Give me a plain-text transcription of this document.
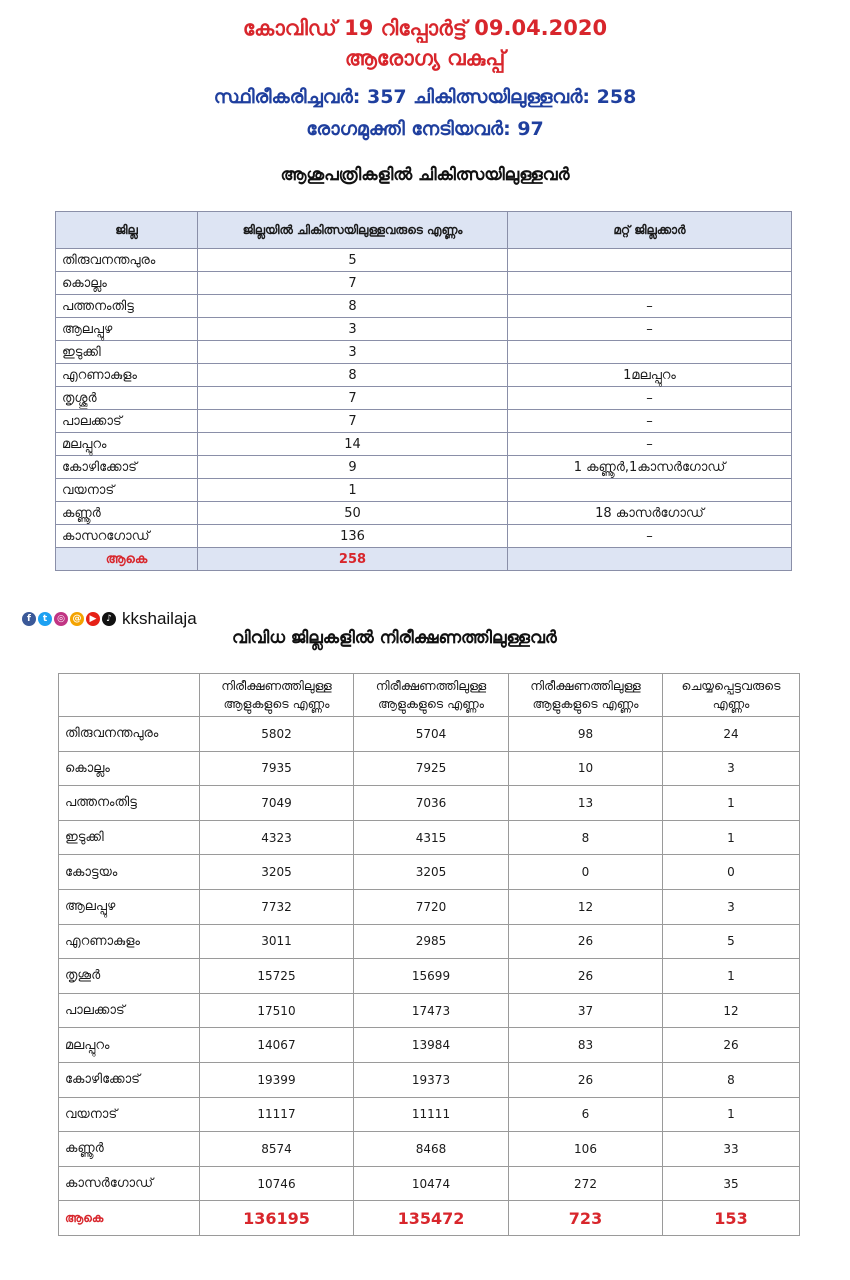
കോവിഡ് 19 റിപ്പോർട്ട് 09.04.2020
ആരോഗ്യ വകുപ്പ്
സ്ഥിരീകരിച്ചവർ: 357 ചികിത്സയിലുള്ളവർ: 258
രോഗമുക്തി നേടിയവർ: 97
ആശുപത്രികളിൽ ചികിത്സയിലുള്ളവർ
ജില്ല	ജില്ലയിൽ ചികിത്സയിലുള്ളവരുടെ എണ്ണം	മറ്റ് ജില്ലക്കാർ
തിരുവനന്തപുരം	5	
കൊല്ലം	7	
പത്തനംതിട്ട	8	–
ആലപ്പുഴ	3	–
ഇടുക്കി	3	
എറണാകുളം	8	1മലപ്പുറം
തൃശ്ശൂർ	7	–
പാലക്കാട്	7	–
മലപ്പുറം	14	–
കോഴിക്കോട്	9	1 കണ്ണൂർ,1കാസർഗോഡ്
വയനാട്	1	
കണ്ണൂർ	50	18 കാസർഗോഡ്
കാസറഗോഡ്	136	–
ആകെ	258	
f	t	◎ @ ▶	♪ kkshailaja
വിവിധ ജില്ലകളിൽ നിരീക്ഷണത്തിലുള്ളവർ
	നിരീക്ഷണത്തിലുള്ള ആളുകളുടെ എണ്ണം	നിരീക്ഷണത്തിലുള്ള ആളുകളുടെ എണ്ണം	നിരീക്ഷണത്തിലുള്ള ആളുകളുടെ എണ്ണം	ചെയ്യപ്പെട്ടവരുടെ എണ്ണം
തിരുവനന്തപുരം	5802	5704	98	24
കൊല്ലം	7935	7925	10	3
പത്തനംതിട്ട	7049	7036	13	1
ഇടുക്കി	4323	4315	8	1
കോട്ടയം	3205	3205	0	0
ആലപ്പുഴ	7732	7720	12	3
എറണാകുളം	3011	2985	26	5
തൃശൂർ	15725	15699	26	1
പാലക്കാട്	17510	17473	37	12
മലപ്പുറം	14067	13984	83	26
കോഴിക്കോട്	19399	19373	26	8
വയനാട്	11117	11111	6	1
കണ്ണൂർ	8574	8468	106	33
കാസർഗോഡ്	10746	10474	272	35
ആകെ	136195	135472	723	153
